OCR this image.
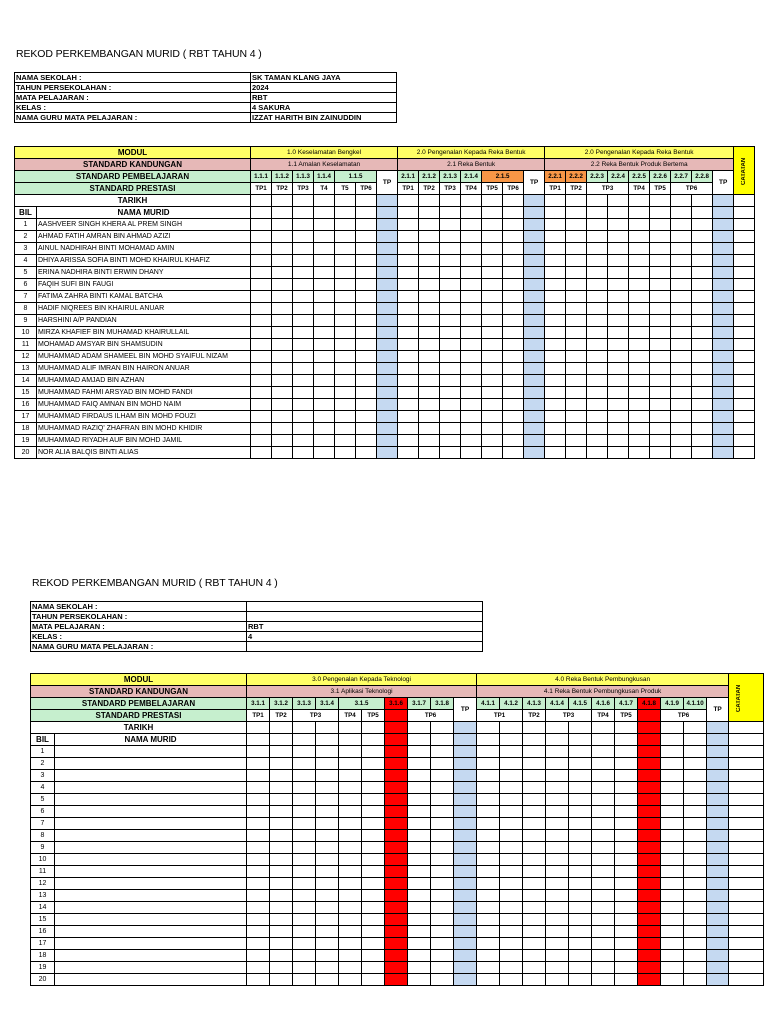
REKOD PERKEMBANGAN MURID ( RBT TAHUN 4 )
NAMA SEKOLAH :	SK TAMAN KLANG JAYA
TAHUN PERSEKOLAHAN :	2024
MATA PELAJARAN :	RBT
KELAS :	4 SAKURA
NAMA GURU MATA PELAJARAN :	IZZAT HARITH BIN ZAINUDDIN
MODUL		1.0 Keselamatan Bengkel							2.0 Pengenalan Kepada Reka Bentuk							2.0 Pengenalan Kepada Reka Bentuk									CATATAN

STANDARD KANDUNGAN		1.1 Amalan Keselamatan							2.1 Reka Bentuk							2.2 Reka Bentuk Produk Bertema									
STANDARD PEMBELAJARAN		1.1.1	1.1.2	1.1.3	1.1.4	1.1.5		TP	2.1.1	2.1.2	2.1.3	2.1.4	2.1.5		TP	2.2.1	2.2.2	2.2.3	2.2.4	2.2.5	2.2.6	2.2.7	2.2.8	TP	
STANDARD PRESTASI		TP1	TP2	TP3	T4	T5	TP6		TP1	TP2	TP3	TP4	TP5	TP6		TP1	TP2	TP3		TP4	TP5	TP6			
TARIKH																									
BIL	NAMA MURID																								
1	AASHVEER SINGH KHERA AL PREM SINGH																								
2	AHMAD FATIH AMRAN BIN AHMAD AZIZI																								
3	AINUL NADHIRAH BINTI MOHAMAD AMIN																								
4	DHIYA ARISSA SOFIA BINTI MOHD KHAIRUL KHAFIZ																								
5	ERINA NADHIRA BINTI ERWIN DHANY																								
6	FAQIH SUFI BIN FAUGI																								
7	FATIMA ZAHRA BINTI KAMAL BATCHA																								
8	HADIF NIQREES BIN KHAIRUL ANUAR																								
9	HARSHINI A/P PANDIAN																								
10	MIRZA KHAFIEF BIN MUHAMAD KHAIRULLAIL																								
11	MOHAMAD AMSYAR BIN SHAMSUDIN																								
12	MUHAMMAD ADAM SHAMEEL BIN MOHD SYAIFUL NIZAM																								
13	MUHAMMAD ALIF IMRAN BIN HAIRON ANUAR																								
14	MUHAMMAD AMJAD BIN AZHAN																								
15	MUHAMMAD FAHMI ARSYAD BIN MOHD FANDI																								
16	MUHAMMAD FAIQ AMNAN BIN MOHD NAIM																								
17	MUHAMMAD FIRDAUS ILHAM BIN MOHD FOUZI																								
18	MUHAMMAD RAZIQ' ZHAFRAN BIN MOHD KHIDIR																								
19	MUHAMMAD RIYADH AUF BIN MOHD JAMIL																								
20	NOR ALIA BALQIS BINTI ALIAS																								
REKOD PERKEMBANGAN MURID ( RBT TAHUN 4 )
NAMA SEKOLAH :	
TAHUN PERSEKOLAHAN :	
MATA PELAJARAN :	RBT
KELAS :	4
NAMA GURU MATA PELAJARAN :	
MODUL		3.0 Pengenalan Kepada Teknologi										4.0 Reka Bentuk Pembungkusan											CATATAN

STANDARD KANDUNGAN		3.1 Aplikasi Teknologi										4.1 Reka Bentuk Pembungkusan Produk											
STANDARD PEMBELAJARAN		3.1.1	3.1.2	3.1.3	3.1.4	3.1.5		3.1.6	3.1.7	3.1.8	TP	4.1.1	4.1.2	4.1.3	4.1.4	4.1.5	4.1.6	4.1.7	4.1.8	4.1.9	4.1.10	TP	
STANDARD PRESTASI		TP1	TP2	TP3		TP4	TP5		TP6			TP1		TP2	TP3		TP4	TP5		TP6			
TARIKH																							
BIL	NAMA MURID																						
1																							
2																							
3																							
4																							
5																							
6																							
7																							
8																							
9																							
10																							
11																							
12																							
13																							
14																							
15																							
16																							
17																							
18																							
19																							
20																							
